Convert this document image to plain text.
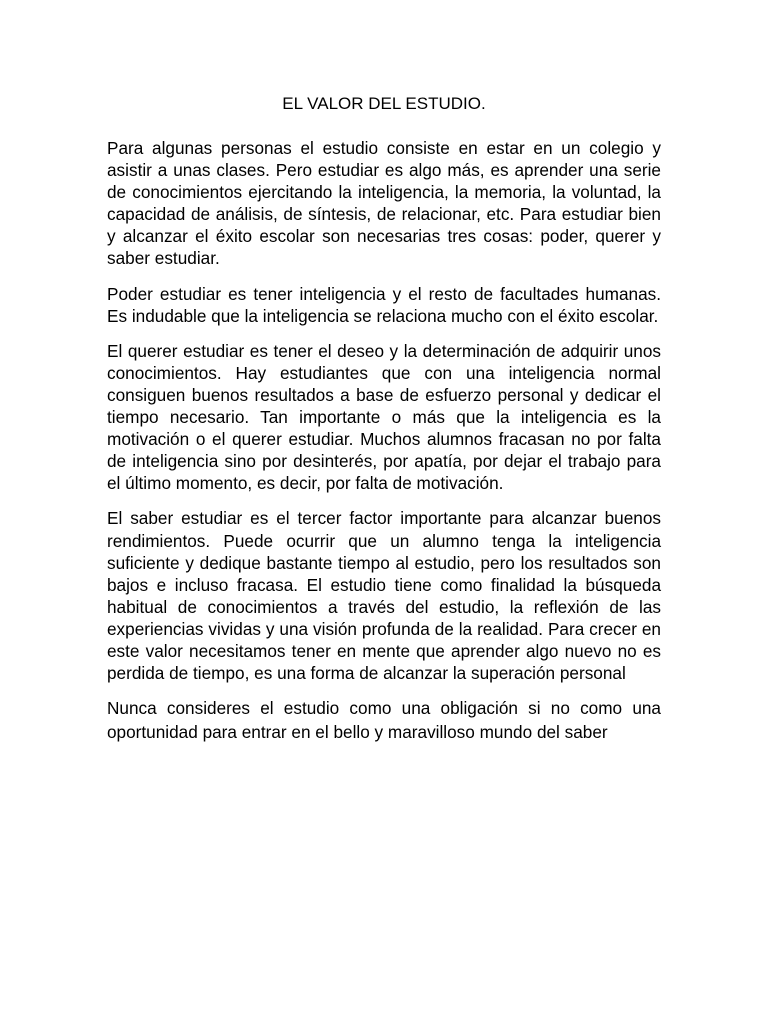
EL VALOR DEL ESTUDIO.

Para algunas personas el estudio consiste en estar en un colegio y asistir a unas clases. Pero estudiar es algo más, es aprender una serie de conocimientos ejercitando la inteligencia, la memoria, la voluntad, la capacidad de análisis, de síntesis, de relacionar, etc. Para estudiar bien y alcanzar el éxito escolar son necesarias tres cosas: poder, querer y saber estudiar.

Poder estudiar es tener inteligencia y el resto de facultades humanas. Es indudable que la inteligencia se relaciona mucho con el éxito escolar.

El querer estudiar es tener el deseo y la determinación de adquirir unos conocimientos. Hay estudiantes que con una inteligencia normal consiguen buenos resultados a base de esfuerzo personal y dedicar el tiempo necesario. Tan importante o más que la inteligencia es la motivación o el querer estudiar. Muchos alumnos fracasan no por falta de inteligencia sino por desinterés, por apatía, por dejar el trabajo para el último momento, es decir, por falta de motivación.

El saber estudiar es el tercer factor importante para alcanzar buenos rendimientos. Puede ocurrir que un alumno tenga la inteligencia suficiente y dedique bastante tiempo al estudio, pero los resultados son bajos e incluso fracasa. El estudio tiene como finalidad la búsqueda habitual de conocimientos a través del estudio, la reflexión de las experiencias vividas y una visión profunda de la realidad. Para crecer en este valor necesitamos tener en mente que aprender algo nuevo no es perdida de tiempo, es una forma de alcanzar la superación personal

Nunca consideres el estudio como una obligación si no como una oportunidad para entrar en el bello y maravilloso mundo del saber
